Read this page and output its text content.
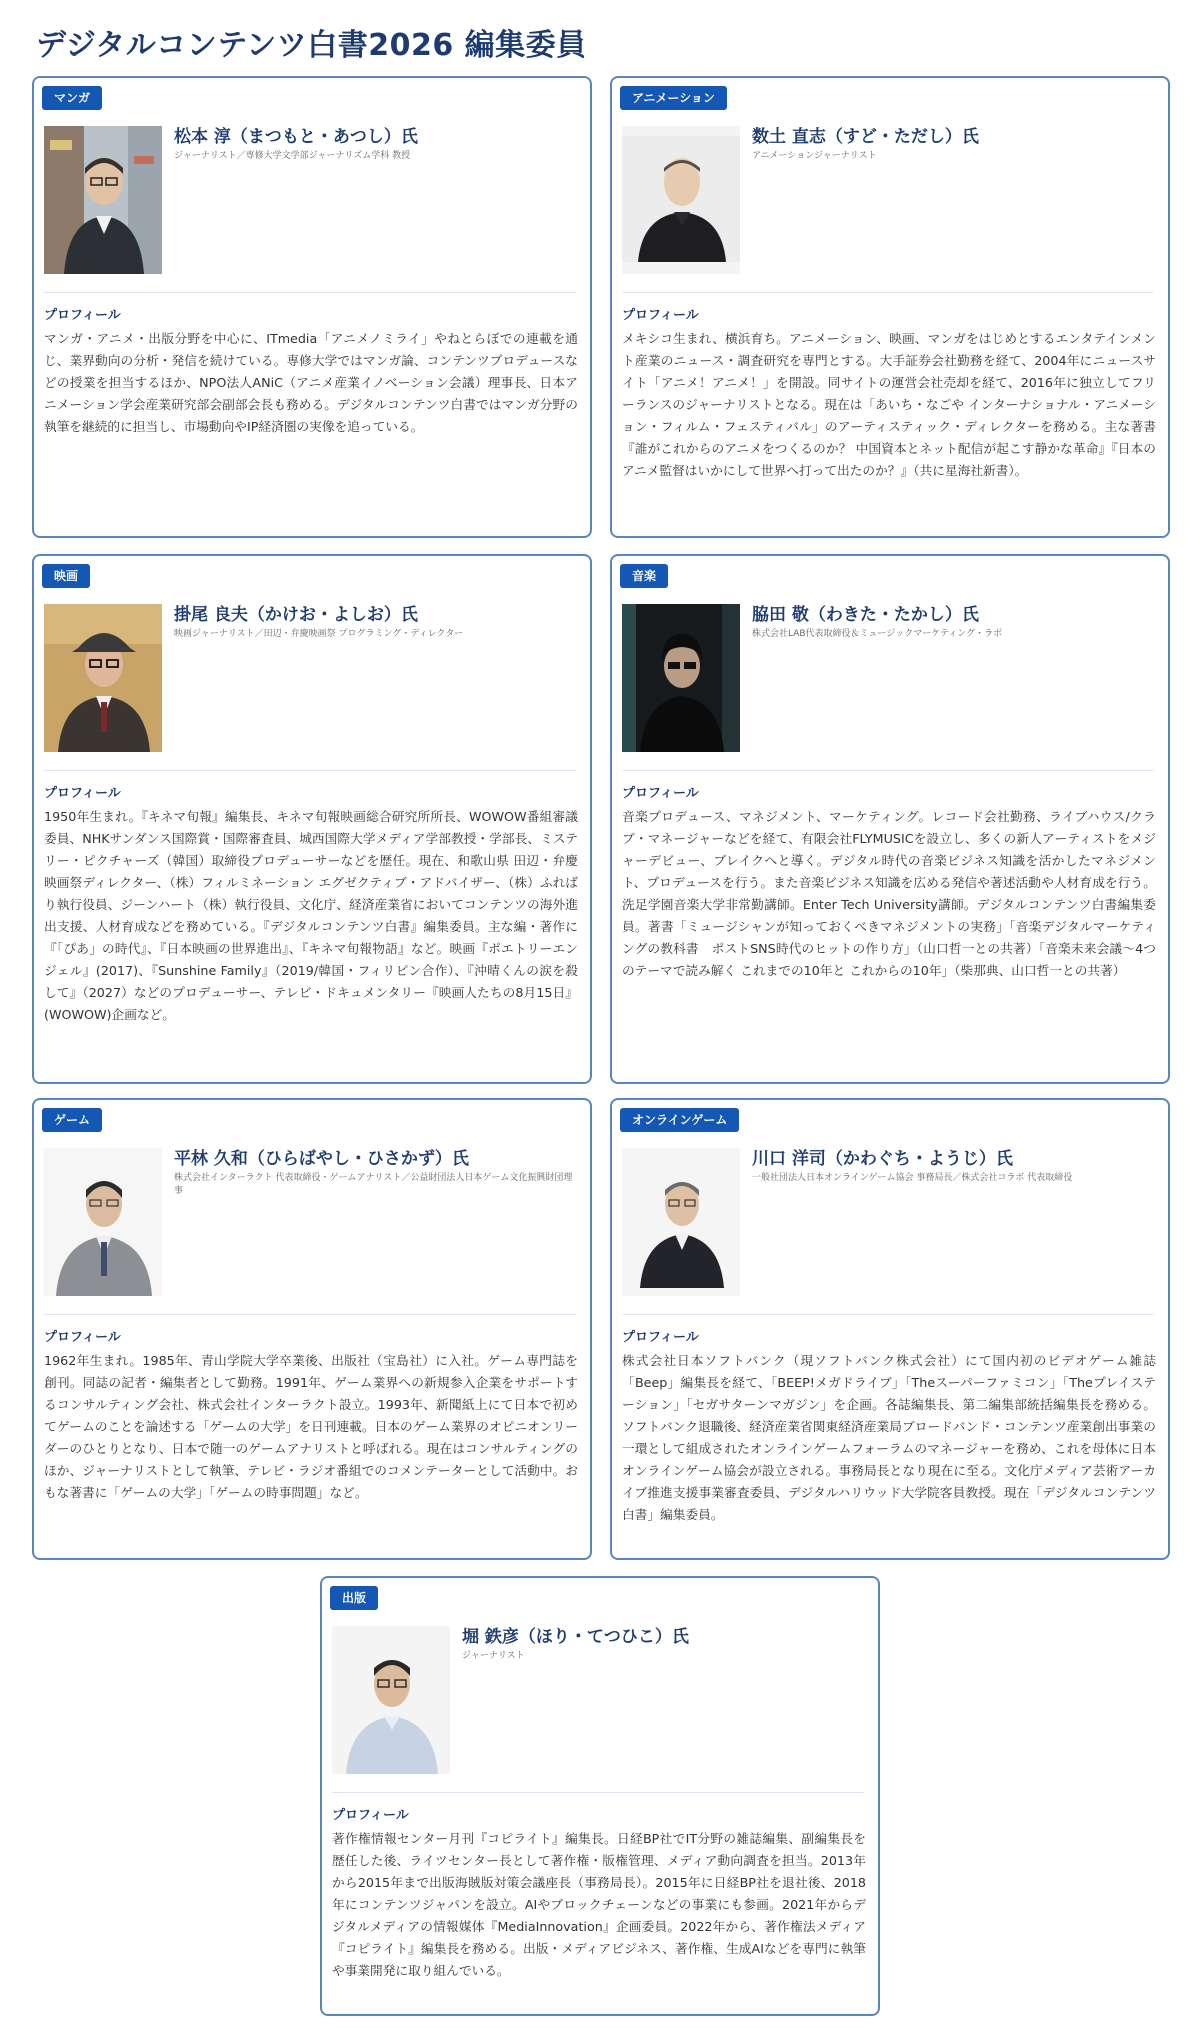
デジタルコンテンツ白書2026 編集委員
マンガ
松本 淳（まつもと・あつし）氏
ジャーナリスト／専修大学文学部ジャーナリズム学科 教授
プロフィール
マンガ・アニメ・出版分野を中心に、ITmedia「アニメノミライ」やねとらぼでの連載を通じ、業界動向の分析・発信を続けている。専修大学ではマンガ論、コンテンツプロデュースなどの授業を担当するほか、NPO法人ANiC（アニメ産業イノベーション会議）理事長、日本アニメーション学会産業研究部会副部会長も務める。デジタルコンテンツ白書ではマンガ分野の執筆を継続的に担当し、市場動向やIP経済圏の実像を追っている。
アニメーション
数土 直志（すど・ただし）氏
アニメーションジャーナリスト
プロフィール
メキシコ生まれ、横浜育ち。アニメーション、映画、マンガをはじめとするエンタテインメント産業のニュース・調査研究を専門とする。大手証券会社勤務を経て、2004年にニュースサイト「アニメ！アニメ！」を開設。同サイトの運営会社売却を経て、2016年に独立してフリーランスのジャーナリストとなる。現在は「あいち・なごや インターナショナル・アニメーション・フィルム・フェスティバル」のアーティスティック・ディレクターを務める。主な著書『誰がこれからのアニメをつくるのか？ 中国資本とネット配信が起こす静かな革命』『日本のアニメ監督はいかにして世界へ打って出たのか？』（共に星海社新書）。
映画
掛尾 良夫（かけお・よしお）氏
映画ジャーナリスト／田辺・弁慶映画祭 プログラミング・ディレクター
プロフィール
1950年生まれ。『キネマ旬報』編集長、キネマ旬報映画総合研究所所長、WOWOW番組審議委員、NHKサンダンス国際賞・国際審査員、城西国際大学メディア学部教授・学部長、ミステリー・ピクチャーズ（韓国）取締役プロデューサーなどを歴任。現在、和歌山県 田辺・弁慶映画祭ディレクター、（株）フィルミネーション エグゼクティブ・アドバイザー、（株）ふればり執行役員、ジーンハート（株）執行役員、文化庁、経済産業省においてコンテンツの海外進出支援、人材育成などを務めている。『デジタルコンテンツ白書』編集委員。主な編・著作に『「ぴあ」の時代』、『日本映画の世界進出』、『キネマ旬報物語』など。映画『ポエトリーエンジェル』(2017)、『Sunshine Family』（2019/韓国・フィリピン合作）、『沖晴くんの涙を殺して』（2027）などのプロデューサー、テレビ・ドキュメンタリー『映画人たちの8月15日』(WOWOW)企画など。
音楽
脇田 敬（わきた・たかし）氏
株式会社LAB代表取締役＆ミュージックマーケティング・ラボ
プロフィール
音楽プロデュース、マネジメント、マーケティング。レコード会社勤務、ライブハウス/クラブ・マネージャーなどを経て、有限会社FLYMUSICを設立し、多くの新人アーティストをメジャーデビュー、ブレイクへと導く。デジタル時代の音楽ビジネス知識を活かしたマネジメント、プロデュースを行う。また音楽ビジネス知識を広める発信や著述活動や人材育成を行う。洗足学園音楽大学非常勤講師。Enter Tech University講師。デジタルコンテンツ白書編集委員。著書「ミュージシャンが知っておくべきマネジメントの実務」「音楽デジタルマーケティングの教科書　ポストSNS時代のヒットの作り方」（山口哲一との共著）「音楽未来会議〜4つのテーマで読み解く これまでの10年と これからの10年」（柴那典、山口哲一との共著）
ゲーム
平林 久和（ひらばやし・ひさかず）氏
株式会社インターラクト 代表取締役・ゲームアナリスト／公益財団法人日本ゲーム文化振興財団理事
プロフィール
1962年生まれ。1985年、青山学院大学卒業後、出版社（宝島社）に入社。ゲーム専門誌を創刊。同誌の記者・編集者として勤務。1991年、ゲーム業界への新規参入企業をサポートするコンサルティング会社、株式会社インターラクト設立。1993年、新聞紙上にて日本で初めてゲームのことを論述する「ゲームの大学」を日刊連載。日本のゲーム業界のオピニオンリーダーのひとりとなり、日本で随一のゲームアナリストと呼ばれる。現在はコンサルティングのほか、ジャーナリストとして執筆、テレビ・ラジオ番組でのコメンテーターとして活動中。おもな著書に「ゲームの大学」「ゲームの時事問題」など。
オンラインゲーム
川口 洋司（かわぐち・ようじ）氏
一般社団法人日本オンラインゲーム協会 事務局長／株式会社コラボ 代表取締役
プロフィール
株式会社日本ソフトバンク（現ソフトバンク株式会社）にて国内初のビデオゲーム雑誌「Beep」編集長を経て、「BEEP!メガドライブ」「Theスーパーファミコン」「Theプレイステーション」「セガサターンマガジン」を企画。各誌編集長、第二編集部統括編集長を務める。ソフトバンク退職後、経済産業省関東経済産業局ブロードバンド・コンテンツ産業創出事業の一環として組成されたオンラインゲームフォーラムのマネージャーを務め、これを母体に日本オンラインゲーム協会が設立される。事務局長となり現在に至る。文化庁メディア芸術アーカイブ推進支援事業審査委員、デジタルハリウッド大学院客員教授。現在「デジタルコンテンツ白書」編集委員。
出版
堀 鉄彦（ほり・てつひこ）氏
ジャーナリスト
プロフィール
著作権情報センター月刊『コピライト』編集長。日経BP社でIT分野の雑誌編集、副編集長を歴任した後、ライツセンター長として著作権・版権管理、メディア動向調査を担当。2013年から2015年まで出版海賊版対策会議座長（事務局長）。2015年に日経BP社を退社後、2018年にコンテンツジャパンを設立。AIやブロックチェーンなどの事業にも参画。2021年からデジタルメディアの情報媒体『MediaInnovation』企画委員。2022年から、著作権法メディア『コピライト』編集長を務める。出版・メディアビジネス、著作権、生成AIなどを専門に執筆や事業開発に取り組んでいる。
